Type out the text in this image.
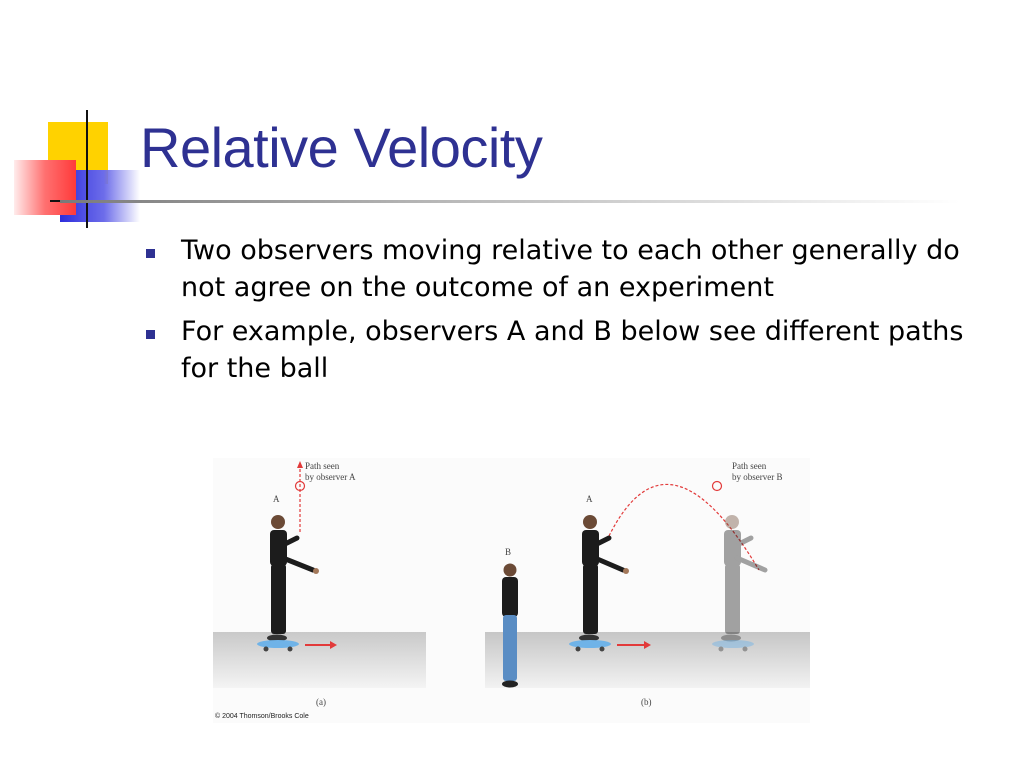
Relative Velocity
Two observers moving relative to each other generally do not agree on the outcome of an experiment
For example, observers A and B below see different paths for the ball
Path seen
by observer A
A
(a)
© 2004 Thomson/Brooks Cole
B
Path seen
by observer B
A
(b)
